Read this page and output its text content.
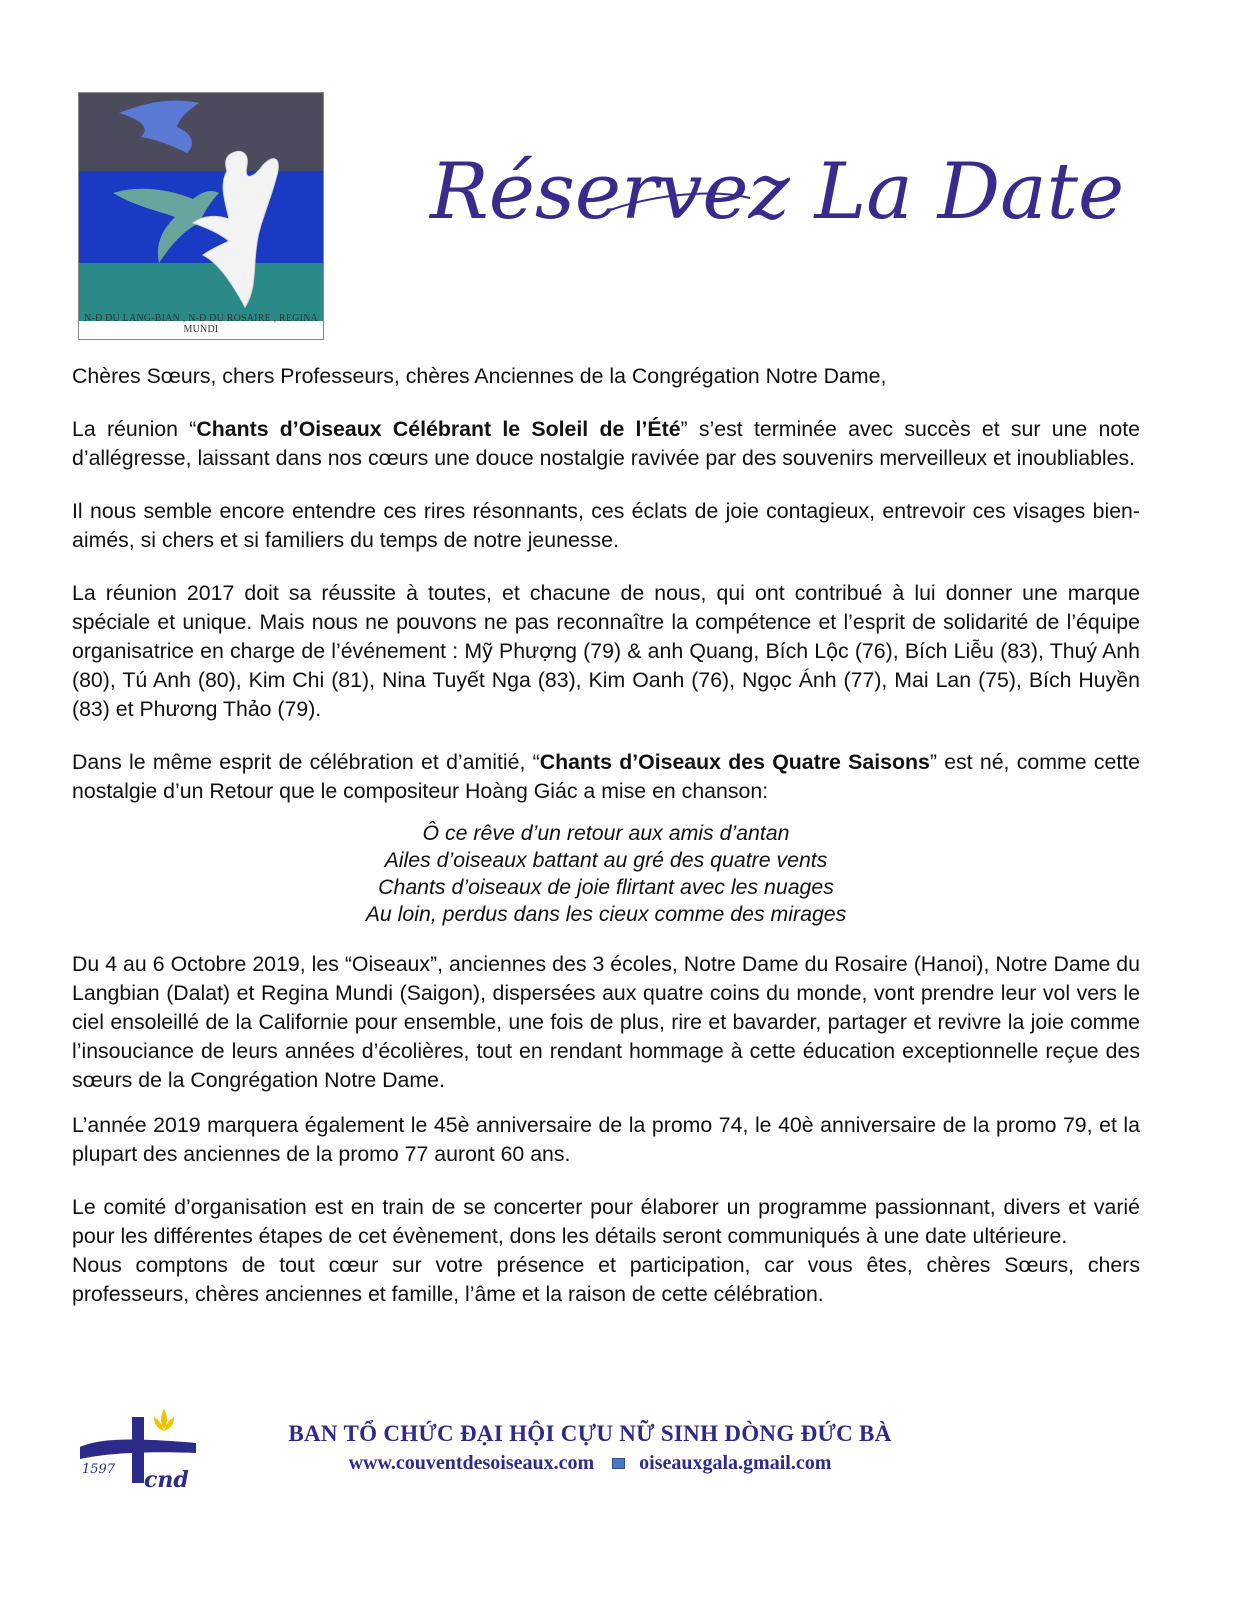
N-D DU LANG-BIAN , N-D DU ROSAIRE , REGINA MUNDI
Réservez La Date

Chères Sœurs, chers Professeurs, chères Anciennes de la Congrégation Notre Dame,

La réunion “Chants d’Oiseaux Célébrant le Soleil de l’Été” s’est terminée avec succès et sur une note d’allégresse, laissant dans nos cœurs une douce nostalgie ravivée par des souvenirs merveilleux et inoubliables.

Il nous semble encore entendre ces rires résonnants, ces éclats de joie contagieux, entrevoir ces visages bien-aimés, si chers et si familiers du temps de notre jeunesse.

La réunion 2017 doit sa réussite à toutes, et chacune de nous, qui ont contribué à lui donner une marque spéciale et unique. Mais nous ne pouvons ne pas reconnaître la compétence et l’esprit de solidarité de l’équipe organisatrice en charge de l’événement : Mỹ Phượng (79) & anh Quang, Bích Lộc (76), Bích Liễu (83), Thuý Anh (80), Tú Anh (80), Kim Chi (81), Nina Tuyết Nga (83), Kim Oanh (76), Ngọc Ánh (77), Mai Lan (75), Bích Huyền (83) et Phương Thảo (79).

Dans le même esprit de célébration et d’amitié, “Chants d’Oiseaux des Quatre Saisons” est né, comme cette nostalgie d’un Retour que le compositeur Hoàng Giác a mise en chanson:

Ô ce rêve d’un retour aux amis d’antan
Ailes d’oiseaux battant au gré des quatre vents
Chants d’oiseaux de joie flirtant avec les nuages
Au loin, perdus dans les cieux comme des mirages

Du 4 au 6 Octobre 2019, les “Oiseaux”, anciennes des 3 écoles, Notre Dame du Rosaire (Hanoi), Notre Dame du Langbian (Dalat) et Regina Mundi (Saigon), dispersées aux quatre coins du monde, vont prendre leur vol vers le ciel ensoleillé de la Californie pour ensemble, une fois de plus, rire et bavarder, partager et revivre la joie comme l’insouciance de leurs années d’écolières, tout en rendant hommage à cette éducation exceptionnelle reçue des sœurs de la Congrégation Notre Dame.

L’année 2019 marquera également le 45è anniversaire de la promo 74, le 40è anniversaire de la promo 79, et la plupart des anciennes de la promo 77 auront 60 ans.

Le comité d’organisation est en train de se concerter pour élaborer un programme passionnant, divers et varié pour les différentes étapes de cet évènement, dons les détails seront communiqués à une date ultérieure.

Nous comptons de tout cœur sur votre présence et participation, car vous êtes, chères Sœurs, chers professeurs, chères anciennes et famille, l’âme et la raison de cette célébration.

1597 cnd
BAN TỔ CHỨC ĐẠI HỘI CỰU NỮ SINH DÒNG ĐỨC BÀ
www.couventdesoiseaux.com oiseauxgala.gmail.com
